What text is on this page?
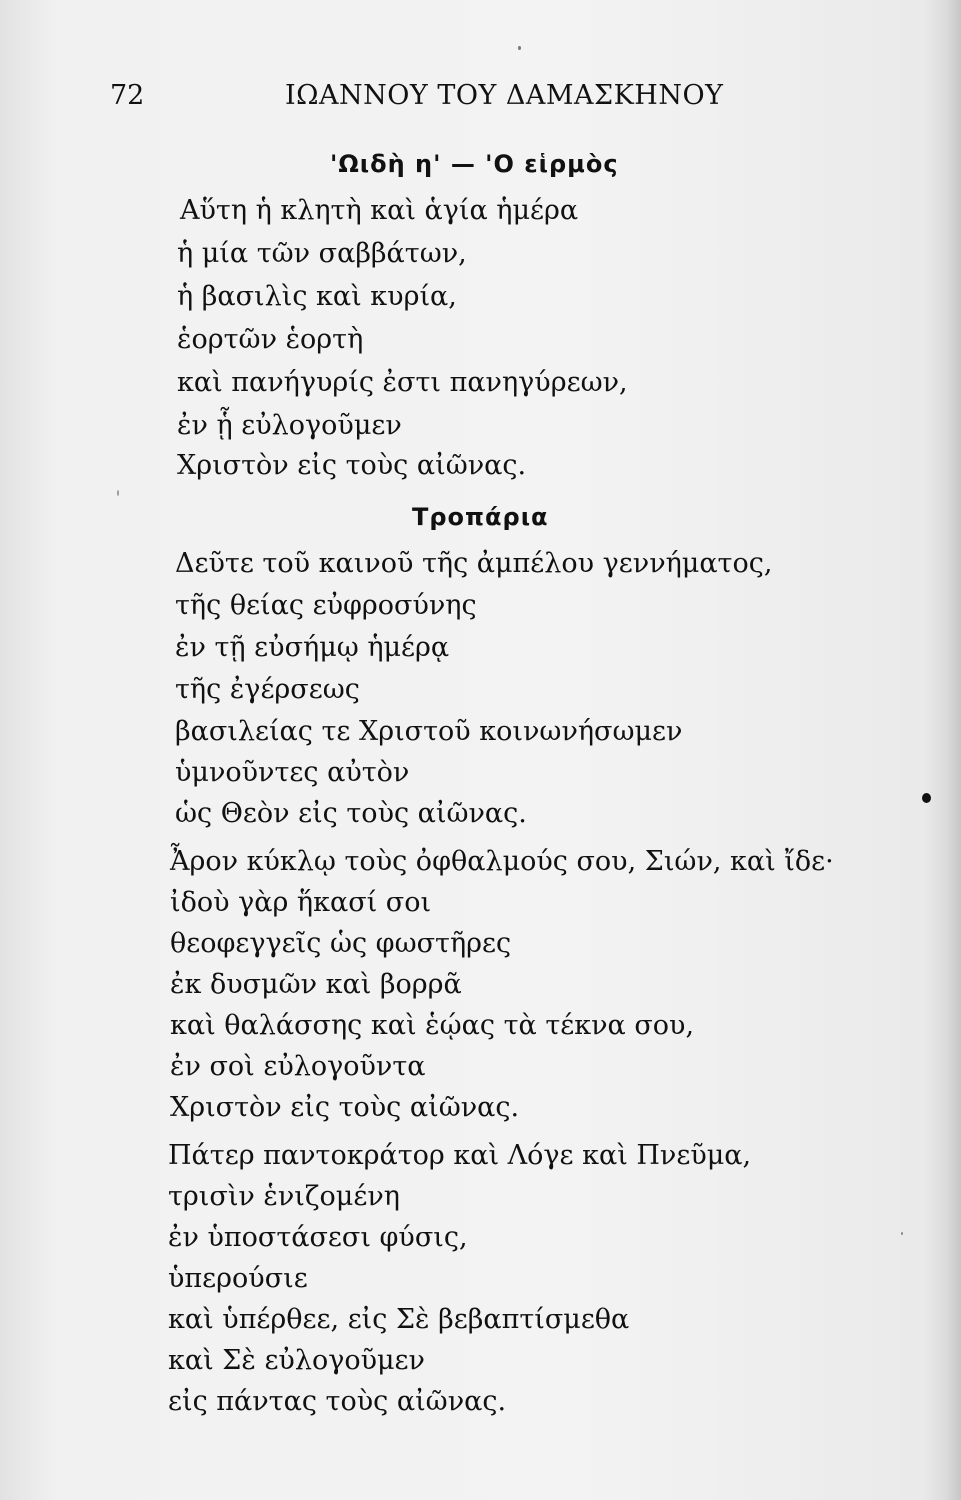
72	ΙΩΑΝΝΟΥ ΤΟΥ ΔΑΜΑΣΚΗΝΟΥ
'Ωιδὴ η' — 'Ο εἱρμὸς
Αὕτη ἡ κλητὴ καὶ ἁγία ἡμέρα
ἡ μία τῶν σαββάτων,
ἡ βασιλὶς καὶ κυρία,
ἑορτῶν ἑορτὴ
καὶ πανήγυρίς ἐστι πανηγύρεων,
ἐν ᾗ εὐλογοῦμεν
Χριστὸν εἰς τοὺς αἰῶνας.
Τροπάρια
Δεῦτε τοῦ καινοῦ τῆς ἀμπέλου γεννήματος,
τῆς θείας εὐφροσύνης
ἐν τῇ εὐσήμῳ ἡμέρᾳ
τῆς ἐγέρσεως
βασιλείας τε Χριστοῦ κοινωνήσωμεν
ὑμνοῦντες αὐτὸν
ὡς Θεὸν εἰς τοὺς αἰῶνας.
Ἆρον κύκλῳ τοὺς ὀφθαλμούς σου, Σιών, καὶ ἴδε·
ἰδοὺ γὰρ ἥκασί σοι
θεοφεγγεῖς ὡς φωστῆρες
ἐκ δυσμῶν καὶ βορρᾶ
καὶ θαλάσσης καὶ ἑῴας τὰ τέκνα σου,
ἐν σοὶ εὐλογοῦντα
Χριστὸν εἰς τοὺς αἰῶνας.
Πάτερ παντοκράτορ καὶ Λόγε καὶ Πνεῦμα,
τρισὶν ἑνιζομένη
ἐν ὑποστάσεσι φύσις,
ὑπερούσιε
καὶ ὑπέρθεε, εἰς Σὲ βεβαπτίσμεθα
καὶ Σὲ εὐλογοῦμεν
εἰς πάντας τοὺς αἰῶνας.
